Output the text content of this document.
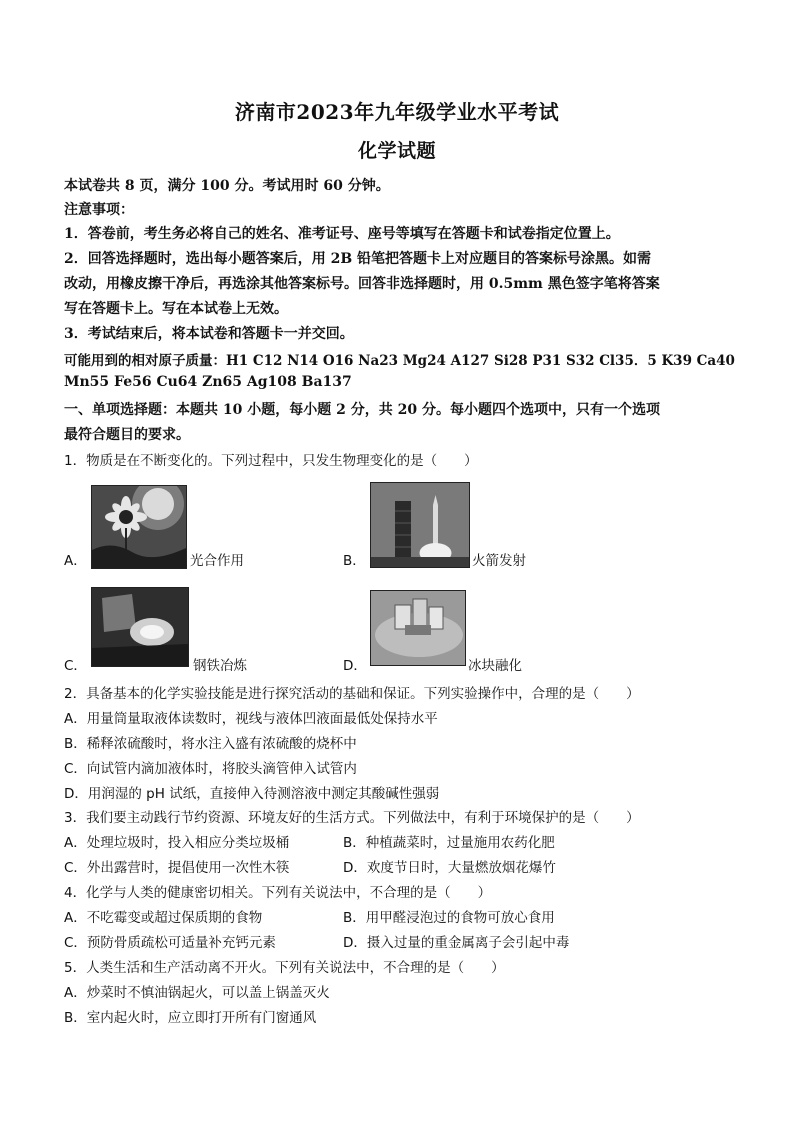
济南市2023年九年级学业水平考试
化学试题
本试卷共 8 页，满分 100 分。考试用时 60 分钟。
注意事项：
1．答卷前，考生务必将自己的姓名、准考证号、座号等填写在答题卡和试卷指定位置上。
2．回答选择题时，选出每小题答案后，用 2B 铅笔把答题卡上对应题目的答案标号涂黑。如需
改动，用橡皮擦干净后，再选涂其他答案标号。回答非选择题时，用 0.5mm 黑色签字笔将答案
写在答题卡上。写在本试卷上无效。
3．考试结束后，将本试卷和答题卡一并交回。
可能用到的相对原子质量：H1 C12 N14 O16 Na23 Mg24 A127 Si28 P31 S32 Cl35．5 K39 Ca40
Mn55 Fe56 Cu64 Zn65 Ag108 Ba137
一、单项选择题：本题共 10 小题，每小题 2 分，共 20 分。每小题四个选项中，只有一个选项
最符合题目的要求。
1．物质是在不断变化的。下列过程中，只发生物理变化的是（　　）
A．	光合作用	B．	火箭发射
C．	钢铁冶炼	D．	冰块融化
2．具备基本的化学实验技能是进行探究活动的基础和保证。下列实验操作中，合理的是（　　）
A．用量筒量取液体读数时，视线与液体凹液面最低处保持水平
B．稀释浓硫酸时，将水注入盛有浓硫酸的烧杯中
C．向试管内滴加液体时，将胶头滴管伸入试管内
D．用润湿的 pH 试纸，直接伸入待测溶液中测定其酸碱性强弱
3．我们要主动践行节约资源、环境友好的生活方式。下列做法中，有利于环境保护的是（　　）
A．处理垃圾时，投入相应分类垃圾桶	B．种植蔬菜时，过量施用农药化肥
C．外出露营时，提倡使用一次性木筷	D．欢度节日时，大量燃放烟花爆竹
4．化学与人类的健康密切相关。下列有关说法中，不合理的是（　　）
A．不吃霉变或超过保质期的食物	B．用甲醛浸泡过的食物可放心食用
C．预防骨质疏松可适量补充钙元素	D．摄入过量的重金属离子会引起中毒
5．人类生活和生产活动离不开火。下列有关说法中，不合理的是（　　）
A．炒菜时不慎油锅起火，可以盖上锅盖灭火
B．室内起火时，应立即打开所有门窗通风
